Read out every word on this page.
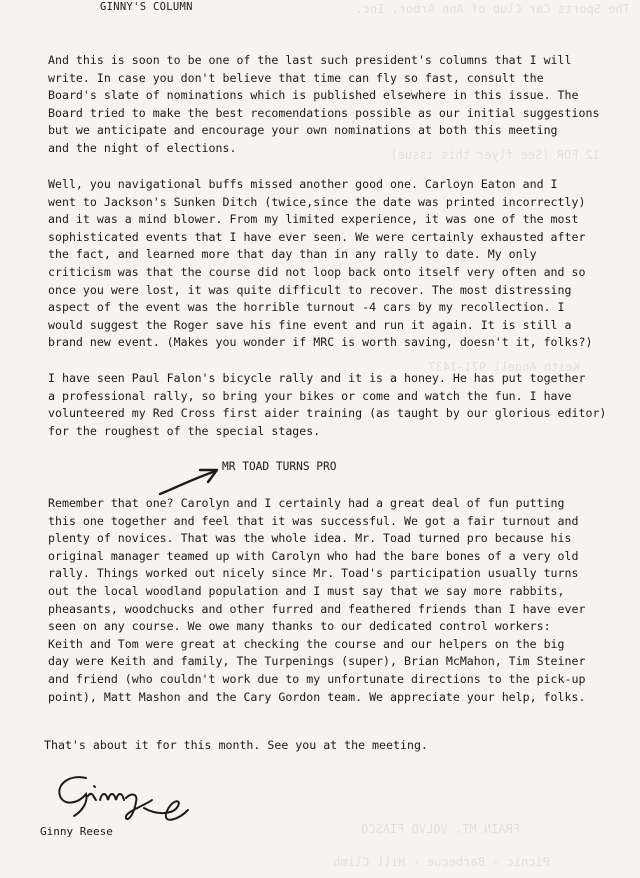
The Sports Car Club of Ann Arbor, Inc.
12 FOR (See flyer this issue)
Keith Angell 971-1437
FRAIN MT. VOLVO FIASCO
Picnic - Barbecue - Hill Climb
GINNY'S COLUMN

And this is soon to be one of the last such president's columns that I will

write. In case you don't believe that time can fly so fast, consult the

Board's slate of nominations which is published elsewhere in this issue. The

Board tried to make the best recomendations possible as our initial suggestions

but we anticipate and encourage your own nominations at both this meeting

and the night of elections.

Well, you navigational buffs missed another good one. Carloyn Eaton and I

went to Jackson's Sunken Ditch (twice,since the date was printed incorrectly)

and it was a mind blower. From my limited experience, it was one of the most

sophisticated events that I have ever seen. We were certainly exhausted after

the fact, and learned more that day than in any rally to date. My only

criticism was that the course did not loop back onto itself very often and so

once you were lost, it was quite difficult to recover. The most distressing

aspect of the event was the horrible turnout -4 cars by my recollection. I

would suggest the Roger save his fine event and run it again. It is still a

brand new event. (Makes you wonder if MRC is worth saving, doesn't it, folks?)

I have seen Paul Falon's bicycle rally and it is a honey. He has put together

a professional rally, so bring your bikes or come and watch the fun. I have

volunteered my Red Cross first aider training (as taught by our glorious editor)

for the roughest of the special stages.

MR TOAD TURNS PRO

Remember that one? Carolyn and I certainly had a great deal of fun putting

this one together and feel that it was successful. We got a fair turnout and

plenty of novices. That was the whole idea. Mr. Toad turned pro because his

original manager teamed up with Carolyn who had the bare bones of a very old

rally. Things worked out nicely since Mr. Toad's participation usually turns

out the local woodland population and I must say that we say more rabbits,

pheasants, woodchucks and other furred and feathered friends than I have ever

seen on any course. We owe many thanks to our dedicated control workers:

Keith and Tom were great at checking the course and our helpers on the big

day were Keith and family, The Turpenings (super), Brian McMahon, Tim Steiner

and friend (who couldn't work due to my unfortunate directions to the pick-up

point), Matt Mashon and the Cary Gordon team. We appreciate your help, folks.

That's about it for this month. See you at the meeting.
Ginny Reese
